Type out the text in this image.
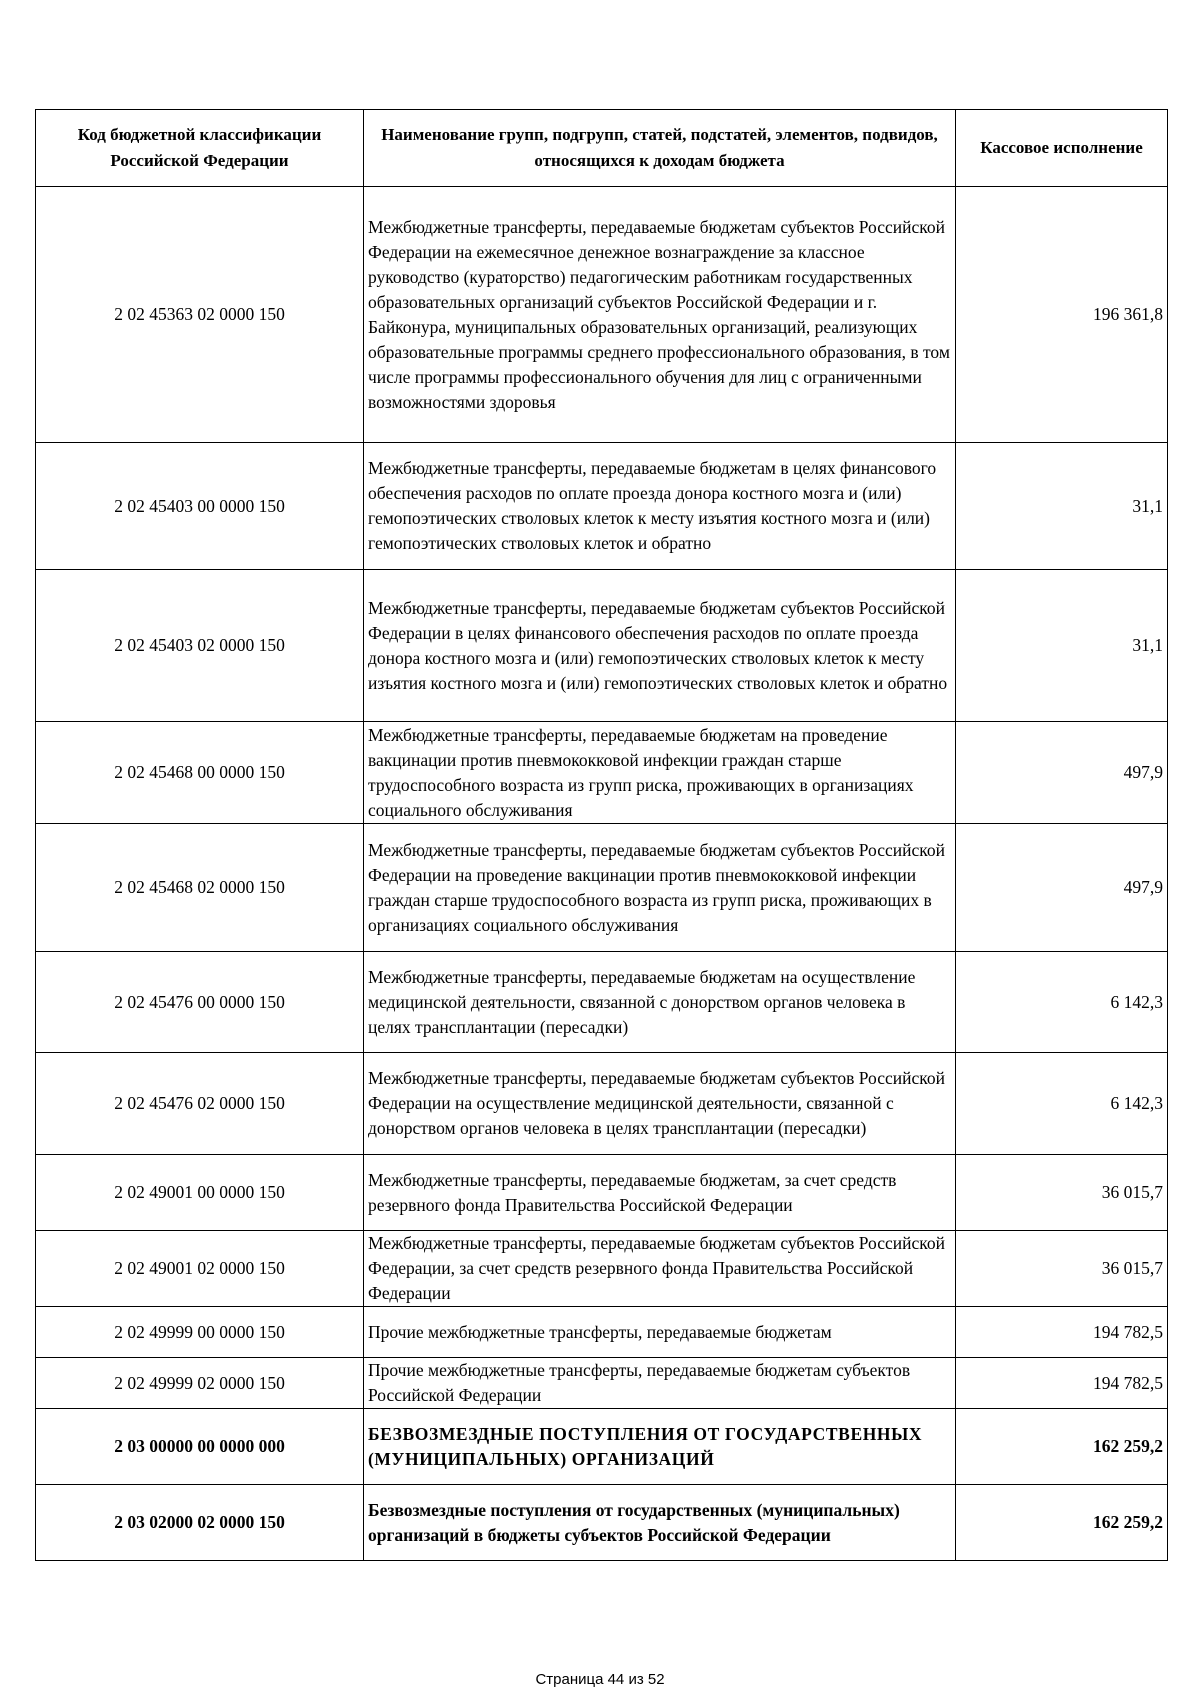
Код бюджетной классификации Российской Федерации	Наименование групп, подгрупп, статей, подстатей, элементов, подвидов, относящихся к доходам бюджета	Кассовое исполнение
2 02 45363 02 0000 150	Межбюджетные трансферты, передаваемые бюджетам субъектов Российской Федерации на ежемесячное денежное вознаграждение за классное руководство (кураторство) педагогическим работникам государственных образовательных организаций субъектов Российской Федерации и г. Байконура, муниципальных образовательных организаций, реализующих образовательные программы среднего профессионального образования, в том числе программы профессионального обучения для лиц с ограниченными возможностями здоровья	196 361,8
2 02 45403 00 0000 150	Межбюджетные трансферты, передаваемые бюджетам в целях финансового обеспечения расходов по оплате проезда донора костного мозга и (или) гемопоэтических стволовых клеток к месту изъятия костного мозга и (или) гемопоэтических стволовых клеток и обратно	31,1
2 02 45403 02 0000 150	Межбюджетные трансферты, передаваемые бюджетам субъектов Российской Федерации в целях финансового обеспечения расходов по оплате проезда донора костного мозга и (или) гемопоэтических стволовых клеток к месту изъятия костного мозга и (или) гемопоэтических стволовых клеток и обратно	31,1
2 02 45468 00 0000 150	Межбюджетные трансферты, передаваемые бюджетам на проведение вакцинации против пневмококковой инфекции граждан старше трудоспособного возраста из групп риска, проживающих в организациях социального обслуживания	497,9
2 02 45468 02 0000 150	Межбюджетные трансферты, передаваемые бюджетам субъектов Российской Федерации на проведение вакцинации против пневмококковой инфекции граждан старше трудоспособного возраста из групп риска, проживающих в организациях социального обслуживания	497,9
2 02 45476 00 0000 150	Межбюджетные трансферты, передаваемые бюджетам на осуществление медицинской деятельности, связанной с донорством органов человека в целях трансплантации (пересадки)	6 142,3
2 02 45476 02 0000 150	Межбюджетные трансферты, передаваемые бюджетам субъектов Российской Федерации на осуществление медицинской деятельности, связанной с донорством органов человека в целях трансплантации (пересадки)	6 142,3
2 02 49001 00 0000 150	Межбюджетные трансферты, передаваемые бюджетам, за счет средств резервного фонда Правительства Российской Федерации	36 015,7
2 02 49001 02 0000 150	Межбюджетные трансферты, передаваемые бюджетам субъектов Российской Федерации, за счет средств резервного фонда Правительства Российской Федерации	36 015,7
2 02 49999 00 0000 150	Прочие межбюджетные трансферты, передаваемые бюджетам	194 782,5
2 02 49999 02 0000 150	Прочие межбюджетные трансферты, передаваемые бюджетам субъектов Российской Федерации	194 782,5
2 03 00000 00 0000 000	БЕЗВОЗМЕЗДНЫЕ ПОСТУПЛЕНИЯ ОТ ГОСУДАРСТВЕННЫХ (МУНИЦИПАЛЬНЫХ) ОРГАНИЗАЦИЙ	162 259,2
2 03 02000 02 0000 150	Безвозмездные поступления от государственных (муниципальных) организаций в бюджеты субъектов Российской Федерации	162 259,2
Страница 44 из 52
